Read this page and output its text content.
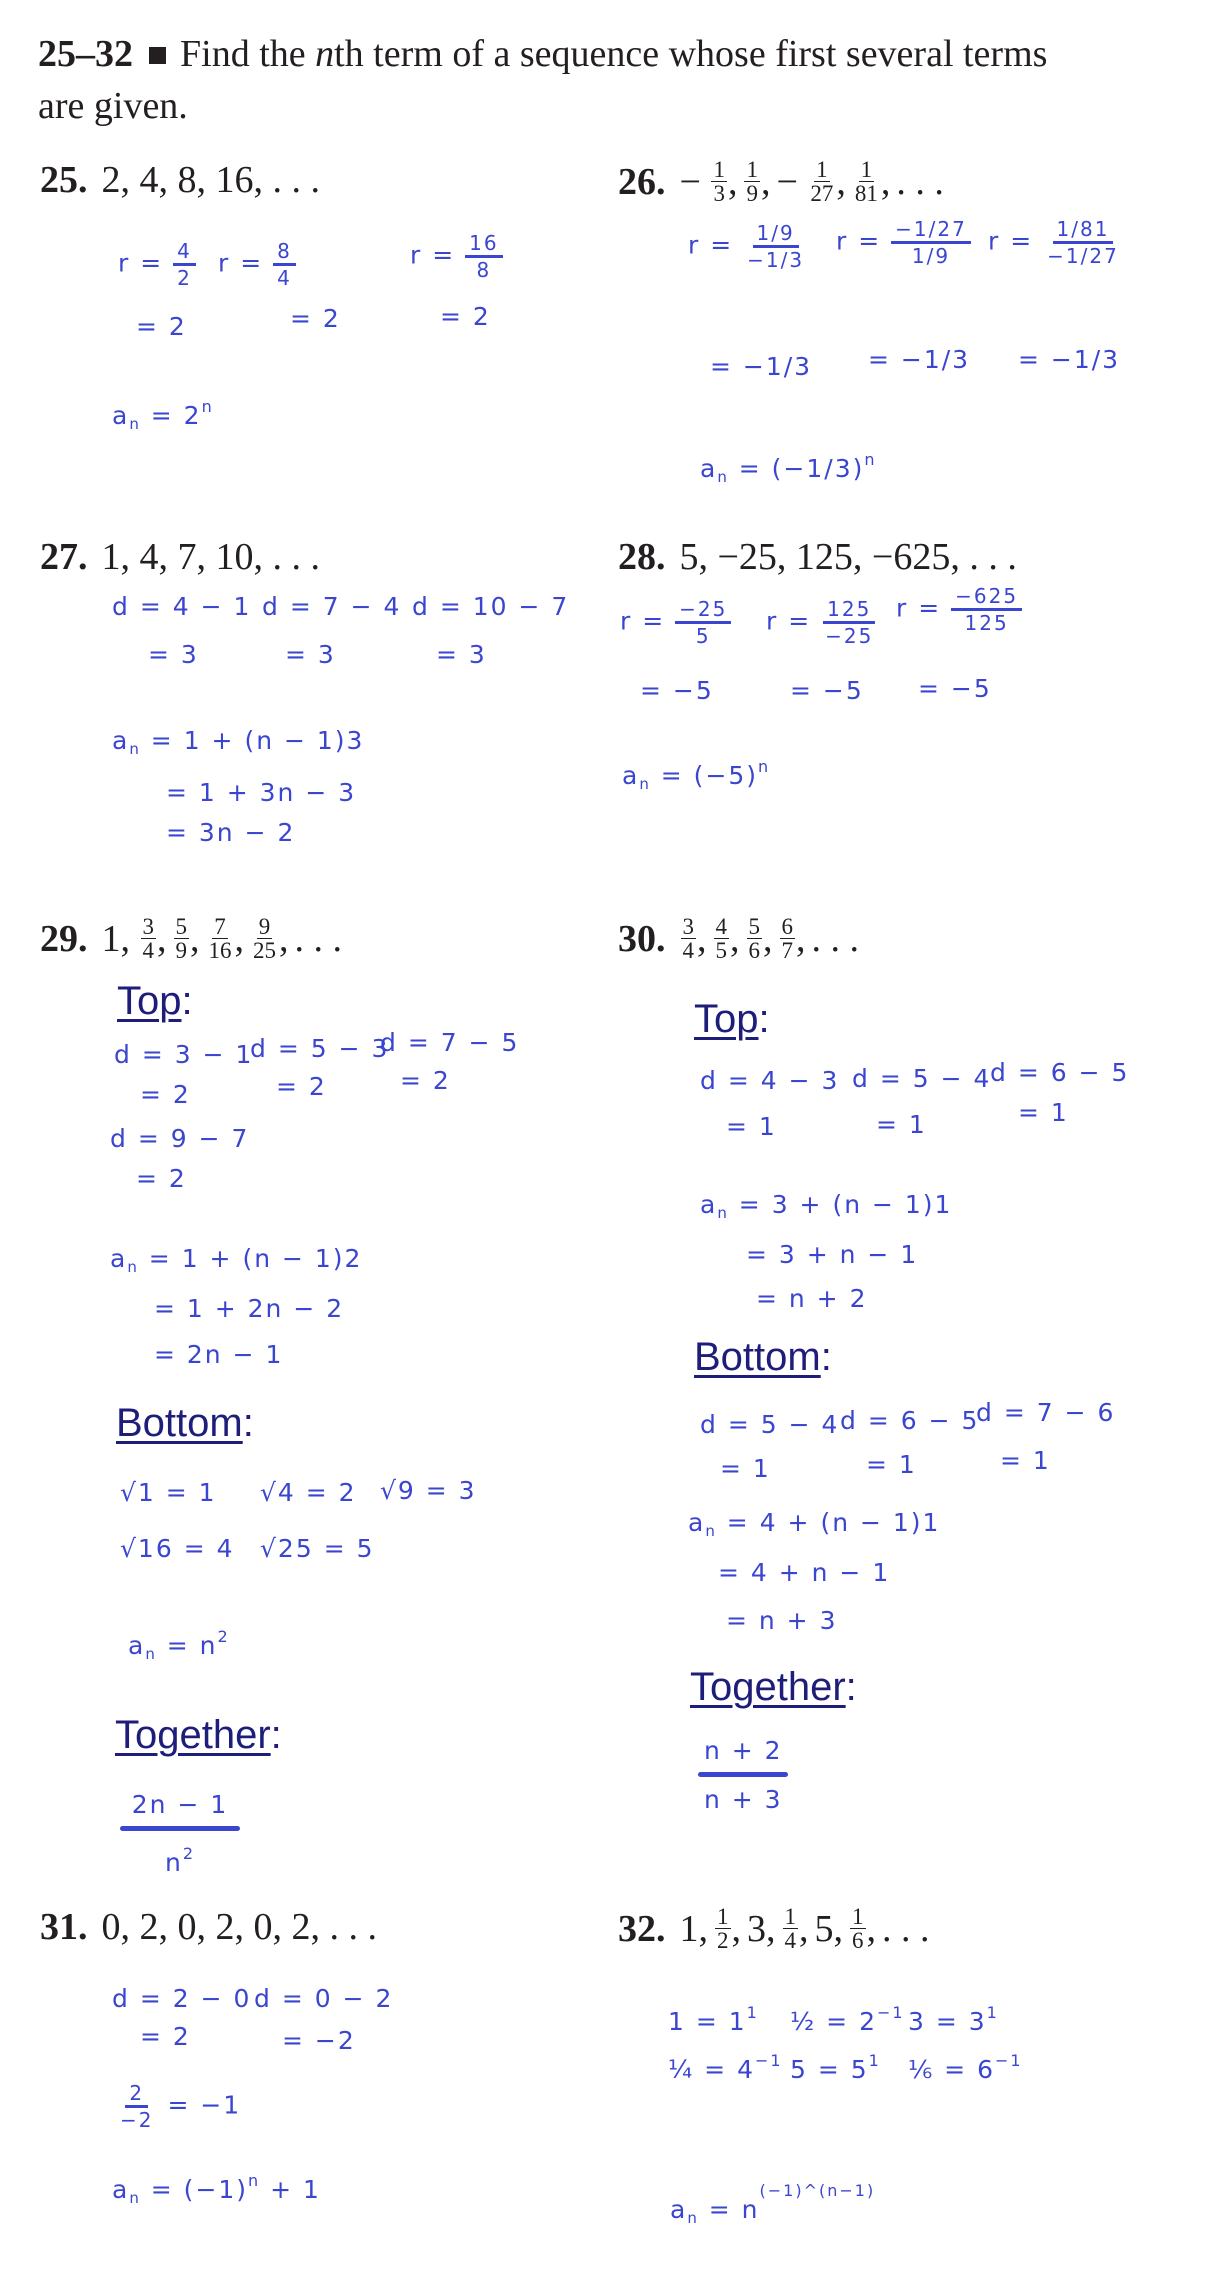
25–32 Find the nth term of a sequence whose first several terms
are given.
25. 2, 4, 8, 16, . . .
$r = \frac{4}{2}$
= 2
$r = \frac{8}{4}$
= 2
$r = \frac{16}{8}$
= 2
$a_n = 2^n$
26. −
$\frac{1}{3}$ , $\frac{1}{9}$ , −
$\frac{1}{27}$ , $\frac{1}{81}$ , . . .
$r = \frac{1/9}{-1/3}$
= −1/3
$r = \frac{-1/27}{1/9}$
= −1/3
$r = \frac{1/81}{-1/27}$
= −1/3
$a_n = (-1/3)^n$
27. 1, 4, 7, 10, . . .
d = 4 − 1
= 3
d = 7 − 4
= 3
d = 10 − 7
= 3
$a_n = 1 + (n - 1)3$
= 1 + 3n − 3
= 3n − 2
28. 5, −25, 125, −625, . . .
$r = \frac{-25}{5}$
= −5
$r = \frac{125}{-25}$
= −5
$r = \frac{-625}{125}$
= −5
$a_n = (-5)^n$
29. 1,
$\frac{3}{4}$ , $\frac{5}{9}$ , $\frac{7}{16}$ , $\frac{9}{25}$ , . . .
Top:
d = 3 − 1
= 2
d = 5 − 3
= 2
d = 7 − 5
= 2
d = 9 − 7
= 2
$a_n = 1 + (n - 1)2$
= 1 + 2n − 2
= 2n − 1
Bottom:
√1 = 1 √4 = 2 √9 = 3
√16 = 4 √25 = 5
$a_n = n^2$
Together:
2n − 1
$n^2$
30. $\frac{3}{4}$ , $\frac{4}{5}$ , $\frac{5}{6}$ , $\frac{6}{7}$ , . . .
Top:
d = 4 − 3
= 1
d = 5 − 4
= 1
d = 6 − 5
= 1
$a_n = 3 + (n - 1)1$
= 3 + n − 1
= n + 2
Bottom:
d = 5 − 4
= 1
d = 6 − 5
= 1
d = 7 − 6
= 1
$a_n = 4 + (n - 1)1$
= 4 + n − 1
= n + 3
Together:
n + 2
n + 3
31. 0, 2, 0, 2, 0, 2, . . .
d = 2 − 0
= 2
d = 0 − 2
= −2
$\frac{2}{-2} = -1$
$a_n = (-1)^n + 1$
32. 1 , $\frac{1}{2}$ , 3 , $\frac{1}{4}$ , 5 , $\frac{1}{6}$ , . . .
$1 = 1^1$ ½ = $2^{-1}$ $3 = 3^1$
¼ = $4^{-1}$ $5 = 5^1$ ⅙ = $6^{-1}$
$a_n = n^{(-1)\^{}(n-1)}$
